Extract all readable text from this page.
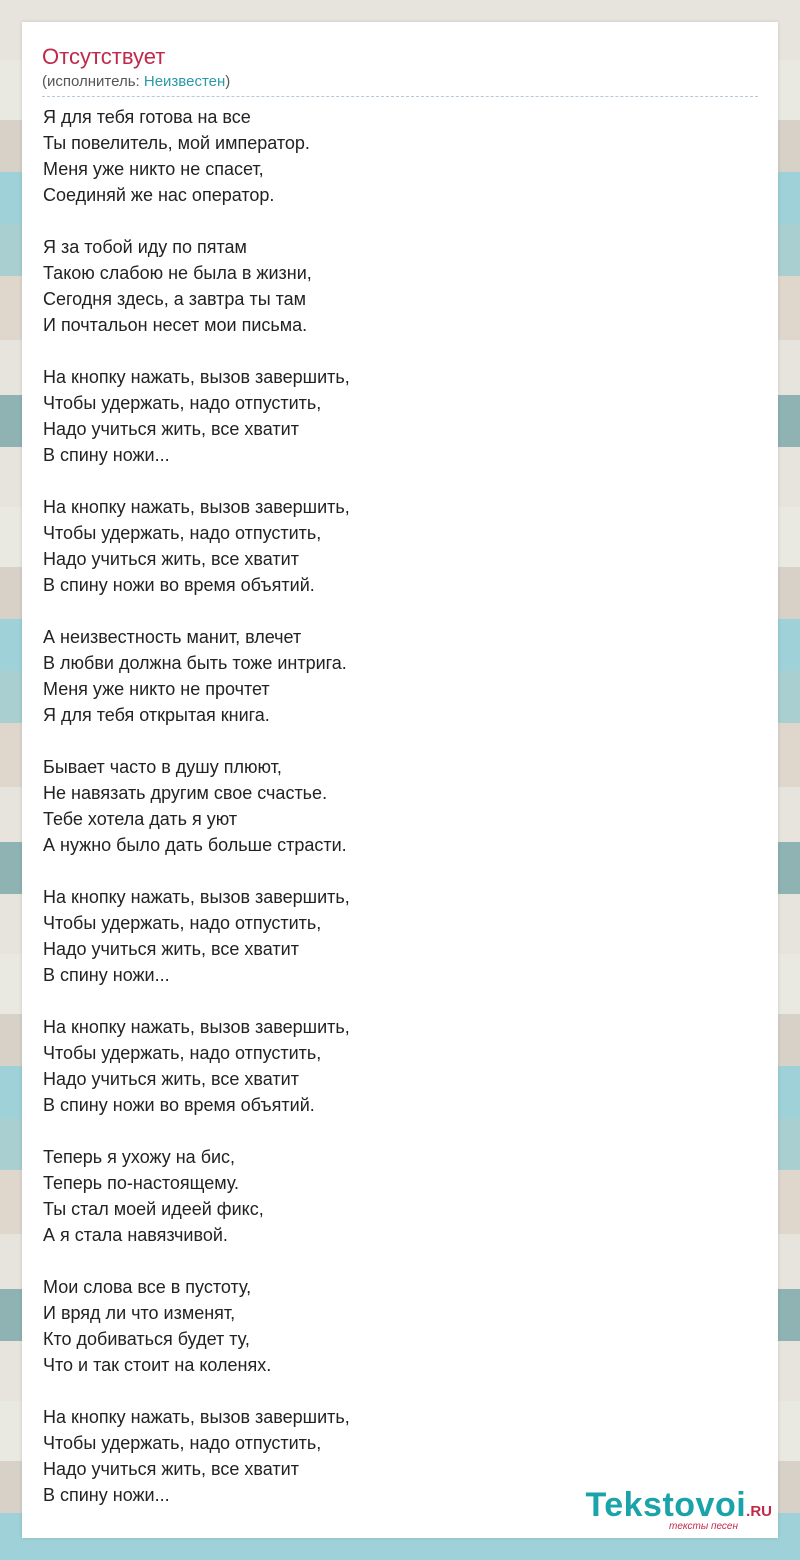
Отсутствует
(исполнитель: Неизвестен)
Я для тебя готова на все
Ты повелитель, мой император.
Меня уже никто не спасет,
Соединяй же нас оператор.
Я за тобой иду по пятам
Такою слабою не была в жизни,
Сегодня здесь, а завтра ты там
И почтальон несет мои письма.
На кнопку нажать, вызов завершить,
Чтобы удержать, надо отпустить,
Надо учиться жить, все хватит
В спину ножи...
На кнопку нажать, вызов завершить,
Чтобы удержать, надо отпустить,
Надо учиться жить, все хватит
В спину ножи во время объятий.
А неизвестность манит, влечет
В любви должна быть тоже интрига.
Меня уже никто не прочтет
Я для тебя открытая книга.
Бывает часто в душу плюют,
Не навязать другим свое счастье.
Тебе хотела дать я уют
А нужно было дать больше страсти.
На кнопку нажать, вызов завершить,
Чтобы удержать, надо отпустить,
Надо учиться жить, все хватит
В спину ножи...
На кнопку нажать, вызов завершить,
Чтобы удержать, надо отпустить,
Надо учиться жить, все хватит
В спину ножи во время объятий.
Теперь я ухожу на бис,
Теперь по-настоящему.
Ты стал моей идеей фикс,
А я стала навязчивой.
Мои слова все в пустоту,
И вряд ли что изменят,
Кто добиваться будет ту,
Что и так стоит на коленях.
На кнопку нажать, вызов завершить,
Чтобы удержать, надо отпустить,
Надо учиться жить, все хватит
В спину ножи...	Tekstovoi.RU
тексты песен
